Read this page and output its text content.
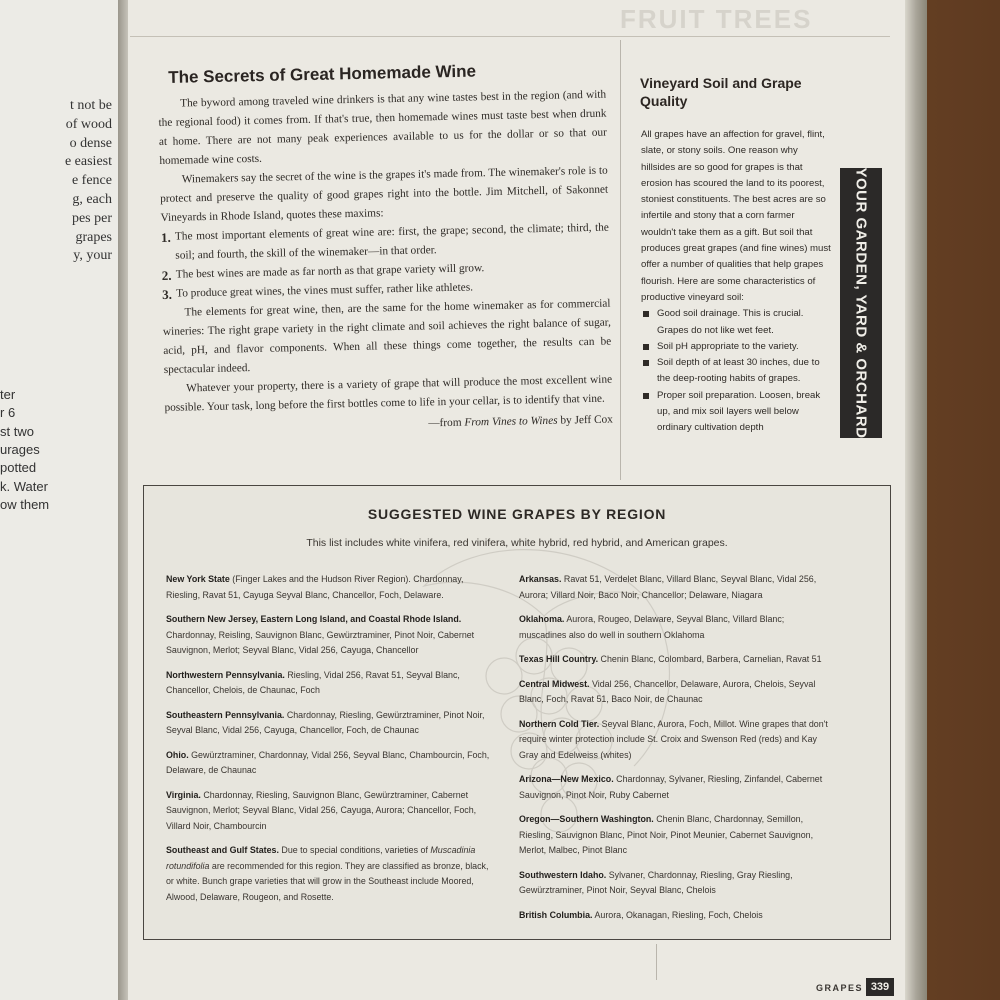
t not be
of wood
o dense
e easiest
e fence
g, each
pes per
grapes
y, your
ter
r 6
st two
urages
potted
k. Water
ow them
FRUIT TREES
The Secrets of Great Homemade Wine

The byword among traveled wine drinkers is that any wine tastes best in the region (and with the regional food) it comes from. If that's true, then homemade wines must taste best when drunk at home. There are not many peak experiences available to us for the dollar or so that our homemade wine costs.

Winemakers say the secret of the wine is the grapes it's made from. The winemaker's role is to protect and preserve the quality of good grapes right into the bottle. Jim Mitchell, of Sakonnet Vineyards in Rhode Island, quotes these maxims:

1. The most important elements of great wine are: first, the grape; second, the climate; third, the soil; and fourth, the skill of the winemaker—in that order.
2. The best wines are made as far north as that grape variety will grow.
3. To produce great wines, the vines must suffer, rather like athletes.

The elements for great wine, then, are the same for the home winemaker as for commercial wineries: The right grape variety in the right climate and soil achieves the right balance of sugar, acid, pH, and flavor components. When all these things come together, the results can be spectacular indeed.

Whatever your property, there is a variety of grape that will produce the most excellent wine possible. Your task, long before the first bottles come to life in your cellar, is to identify that vine.

—from From Vines to Wines by Jeff Cox
Vineyard Soil and Grape Quality
All grapes have an affection for gravel, flint, slate, or stony soils. One reason why hillsides are so good for grapes is that erosion has scoured the land to its poorest, stoniest constituents. The best acres are so infertile and stony that a corn farmer wouldn't take them as a gift. But soil that produces great grapes (and fine wines) must offer a number of qualities that help grapes flourish. Here are some characteristics of productive vineyard soil:
Good soil drainage. This is crucial. Grapes do not like wet feet.
Soil pH appropriate to the variety.
Soil depth of at least 30 inches, due to the deep-rooting habits of grapes.
Proper soil preparation. Loosen, break up, and mix soil layers well below ordinary cultivation depth	YOUR GARDEN, YARD & ORCHARD
SUGGESTED WINE GRAPES BY REGION
This list includes white vinifera, red vinifera, white hybrid, red hybrid, and American grapes.
New York State (Finger Lakes and the Hudson River Region). Chardonnay, Riesling, Ravat 51, Cayuga Seyval Blanc, Chancellor, Foch, Delaware.
Southern New Jersey, Eastern Long Island, and Coastal Rhode Island. Chardonnay, Reisling, Sauvignon Blanc, Gewürztraminer, Pinot Noir, Cabernet Sauvignon, Merlot; Seyval Blanc, Vidal 256, Cayuga, Chancellor
Northwestern Pennsylvania. Riesling, Vidal 256, Ravat 51, Seyval Blanc, Chancellor, Chelois, de Chaunac, Foch
Southeastern Pennsylvania. Chardonnay, Riesling, Gewürztraminer, Pinot Noir, Seyval Blanc, Vidal 256, Cayuga, Chancellor, Foch, de Chaunac
Ohio. Gewürztraminer, Chardonnay, Vidal 256, Seyval Blanc, Chambourcin, Foch, Delaware, de Chaunac
Virginia. Chardonnay, Riesling, Sauvignon Blanc, Gewürztraminer, Cabernet Sauvignon, Merlot; Seyval Blanc, Vidal 256, Cayuga, Aurora; Chancellor, Foch, Villard Noir, Chambourcin
Southeast and Gulf States. Due to special conditions, varieties of Muscadinia rotundifolia are recommended for this region. They are classified as bronze, black, or white. Bunch grape varieties that will grow in the Southeast include Moored, Alwood, Delaware, Rougeon, and Rosette.
Arkansas. Ravat 51, Verdelet Blanc, Villard Blanc, Seyval Blanc, Vidal 256, Aurora; Villard Noir, Baco Noir, Chancellor; Delaware, Niagara
Oklahoma. Aurora, Rougeo, Delaware, Seyval Blanc, Villard Blanc; muscadines also do well in southern Oklahoma
Texas Hill Country. Chenin Blanc, Colombard, Barbera, Carnelian, Ravat 51
Central Midwest. Vidal 256, Chancellor, Delaware, Aurora, Chelois, Seyval Blanc, Foch, Ravat 51, Baco Noir, de Chaunac
Northern Cold Tier. Seyval Blanc, Aurora, Foch, Millot. Wine grapes that don't require winter protection include St. Croix and Swenson Red (reds) and Kay Gray and Edelweiss (whites)
Arizona—New Mexico. Chardonnay, Sylvaner, Riesling, Zinfandel, Cabernet Sauvignon, Pinot Noir, Ruby Cabernet
Oregon—Southern Washington. Chenin Blanc, Chardonnay, Semillon, Riesling, Sauvignon Blanc, Pinot Noir, Pinot Meunier, Cabernet Sauvignon, Merlot, Malbec, Pinot Blanc
Southwestern Idaho. Sylvaner, Chardonnay, Riesling, Gray Riesling, Gewürztraminer, Pinot Noir, Seyval Blanc, Chelois
British Columbia. Aurora, Okanagan, Riesling, Foch, Chelois
GRAPES 339
